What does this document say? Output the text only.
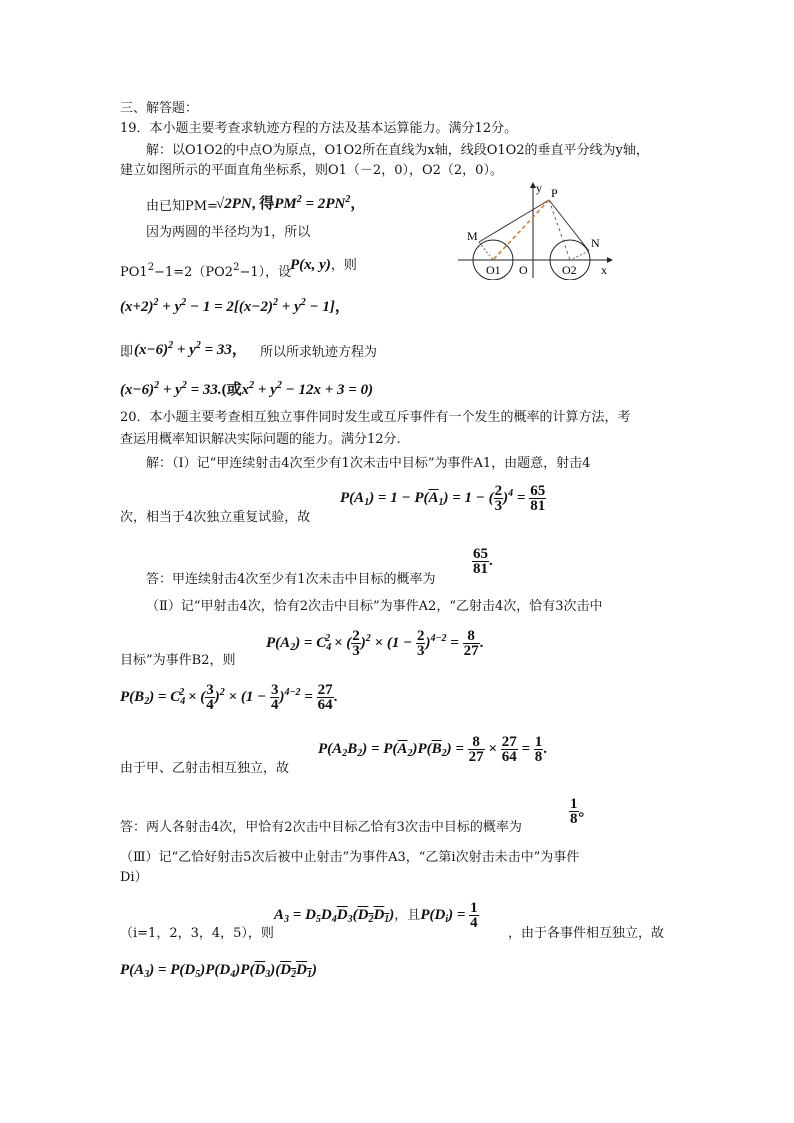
三、解答题：
19．本小题主要考查求轨迹方程的方法及基本运算能力。满分12分。
解：以O1O2的中点O为原点，O1O2所在直线为x轴，线段O1O2的垂直平分线为y轴，
建立如图所示的平面直角坐标系，则O1（－2，0），O2（2，0）。
由已知PM=
√2PN, 得$PM^2 = 2PN^2$，
因为两圆的半径均为1，所以
$PO1^2-1=2(PO2^2-1)$，设
P(x, y)，则
$(x+2)^2 + y^2 - 1 = 2[(x-2)^2 + y^2 - 1]$，
即 $(x-6)^2 + y^2 = 33$， 所以所求轨迹方程为
$(x-6)^2 + y^2 = 33$.(或$x^2 + y^2 - 12x + 3 = 0$)
y P
M	N
O1 O	O2 x
20．本小题主要考查相互独立事件同时发生或互斥事件有一个发生的概率的计算方法，考
查运用概率知识解决实际问题的能力。满分12分.
解：（Ⅰ）记“甲连续射击4次至少有1次未击中目标”为事件A1，由题意，射击4
次，相当于4次独立重复试验，故
$P(A_1) = 1 - P(\overline{A}_1) = 1$ − ( $\frac{2}{3} )^4 = \frac{65}{81}$
答：甲连续射击4次至少有1次未击中目标的概率为
$\frac{65}{81}$ .
（Ⅱ）记“甲射击4次，恰有2次击中目标”为事件A2，“乙射击4次，恰有3次击中
$P(A_2) = C_4^2$ × ( $\frac{2}{3} )^2 \times (1 - \frac{2}{3} )^{4-2} = \frac{8}{27}$ .
目标”为事件B2，则
$P(B_2) = C_4^2$ × ( $\frac{3}{4} )^2 \times (1 - \frac{3}{4} )^{4-2} = \frac{27}{64}$ .
$P(A_2B_2) = P(\overline{A}_2)P(\overline{B}_2) = \frac{8}{27} \times \frac{27}{64} = \frac{1}{8}$ .
由于甲、乙射击相互独立，故
答：两人各射击4次，甲恰有2次击中目标乙恰有3次击中目标的概率为
$\frac{1}{8}$ 。
（Ⅲ）记“乙恰好射击5次后被中止射击”为事件A3，“乙第i次射击未击中”为事件
Di）
$A_3 = D_5D_4\overline{D}_3(D_2D_1)$，且$P(D_i) = \frac{1}{4}$
（i=1，2，3，4，5），则	，由于各事件相互独立，故
$P(A_3) = P(D_5)P(D_4)P(\overline{D}_3)(D_2D_1)$
